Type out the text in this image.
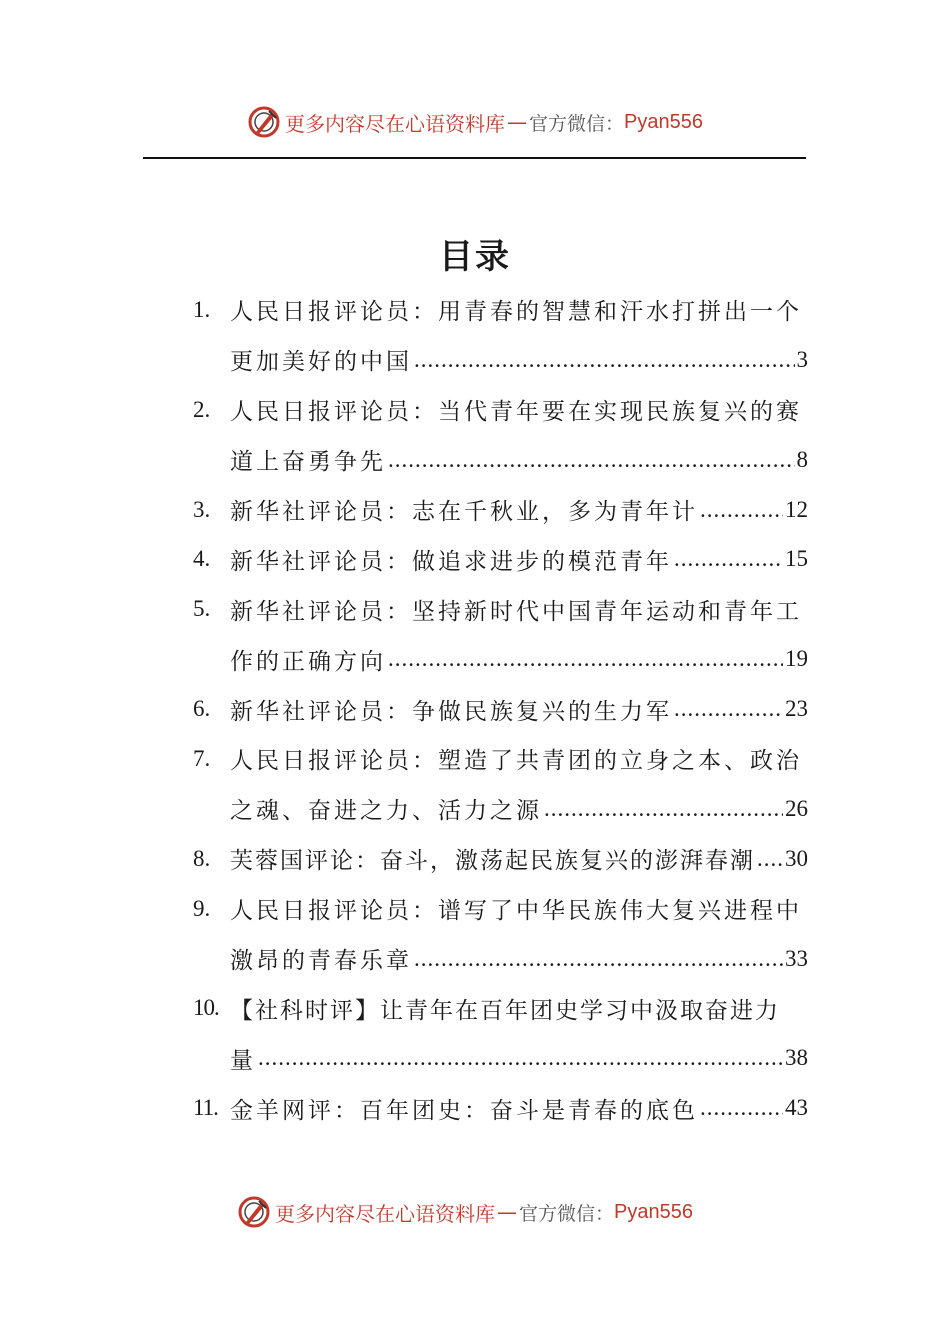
更多内容尽在心语资料库 — 官方微信： Pyan556
目录
1. 人民日报评论员：用青春的智慧和汗水打拼出一个
更加美好的中国 .....	3
2. 人民日报评论员：当代青年要在实现民族复兴的赛
道上奋勇争先 .....	8
3. 新华社评论员：志在千秋业，多为青年计 .....	12
4. 新华社评论员：做追求进步的模范青年 .....	15
5. 新华社评论员：坚持新时代中国青年运动和青年工
作的正确方向 .....	19
6. 新华社评论员：争做民族复兴的生力军 .....	23
7. 人民日报评论员：塑造了共青团的立身之本、政治
之魂、奋进之力、活力之源 .....	26
8. 芙蓉国评论：奋斗，激荡起民族复兴的澎湃春潮 ..... 30
9. 人民日报评论员：谱写了中华民族伟大复兴进程中
激昂的青春乐章 .....	33
10. 【社科时评】让青年在百年团史学习中汲取奋进力
量 .....	38
11. 金羊网评：百年团史：奋斗是青春的底色 .....	43
更多内容尽在心语资料库 — 官方微信： Pyan556
